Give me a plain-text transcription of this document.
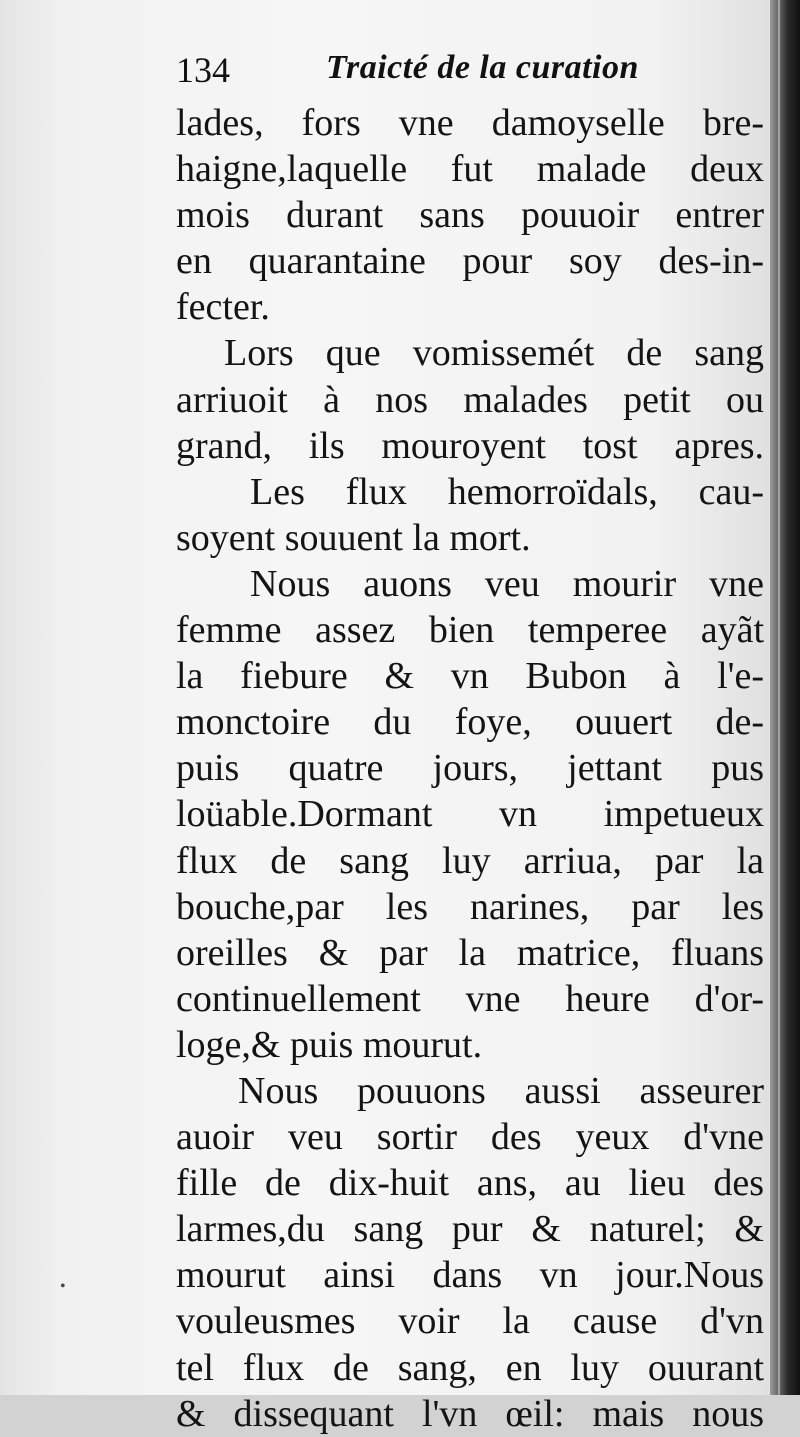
134	Traicté de la curation
lades, fors vne damoyselle bre-
haigne,laquelle fut malade deux
mois durant sans pouuoir entrer
en quarantaine pour soy des-in-
fecter.
Lors que vomissemét de sang
arriuoit à nos malades petit ou
grand, ils mouroyent tost apres.
Les flux hemorroïdals, cau-
soyent souuent la mort.
Nous auons veu mourir vne
femme assez bien temperee ayãt
la fiebure & vn Bubon à l'e-
monctoire du foye, ouuert de-
puis quatre jours, jettant pus
loüable.Dormant vn impetueux
flux de sang luy arriua, par la
bouche,par les narines, par les
oreilles & par la matrice, fluans
continuellement vne heure d'or-
loge,& puis mourut.
Nous pouuons aussi asseurer
auoir veu sortir des yeux d'vne
fille de dix-huit ans, au lieu des
larmes,du sang pur & naturel; &
mourut ainsi dans vn jour.Nous
vouleusmes voir la cause d'vn
tel flux de sang, en luy ouurant
& dissequant l'vn œil: mais nous
•
